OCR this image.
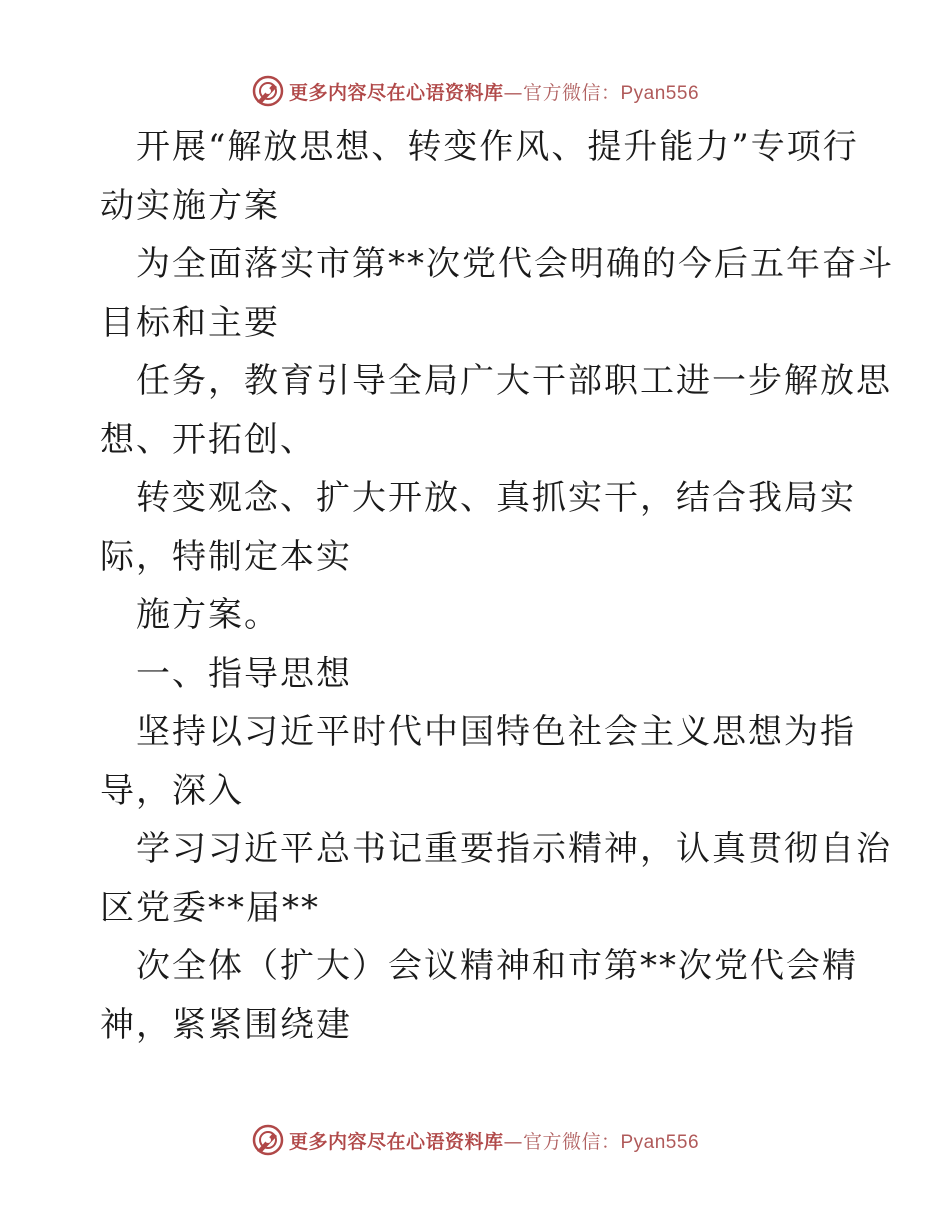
更多内容尽在心语资料库—官方微信：Pyan556
开展“解放思想、转变作风、提升能力”专项行
动实施方案
为全面落实市第**次党代会明确的今后五年奋斗
目标和主要
任务，教育引导全局广大干部职工进一步解放思
想、开拓创、
转变观念、扩大开放、真抓实干，结合我局实
际，特制定本实
施方案。
一、指导思想
坚持以习近平时代中国特色社会主义思想为指
导，深入
学习习近平总书记重要指示精神，认真贯彻自治
区党委**届**
次全体（扩大）会议精神和市第**次党代会精
神，紧紧围绕建
更多内容尽在心语资料库—官方微信：Pyan556
